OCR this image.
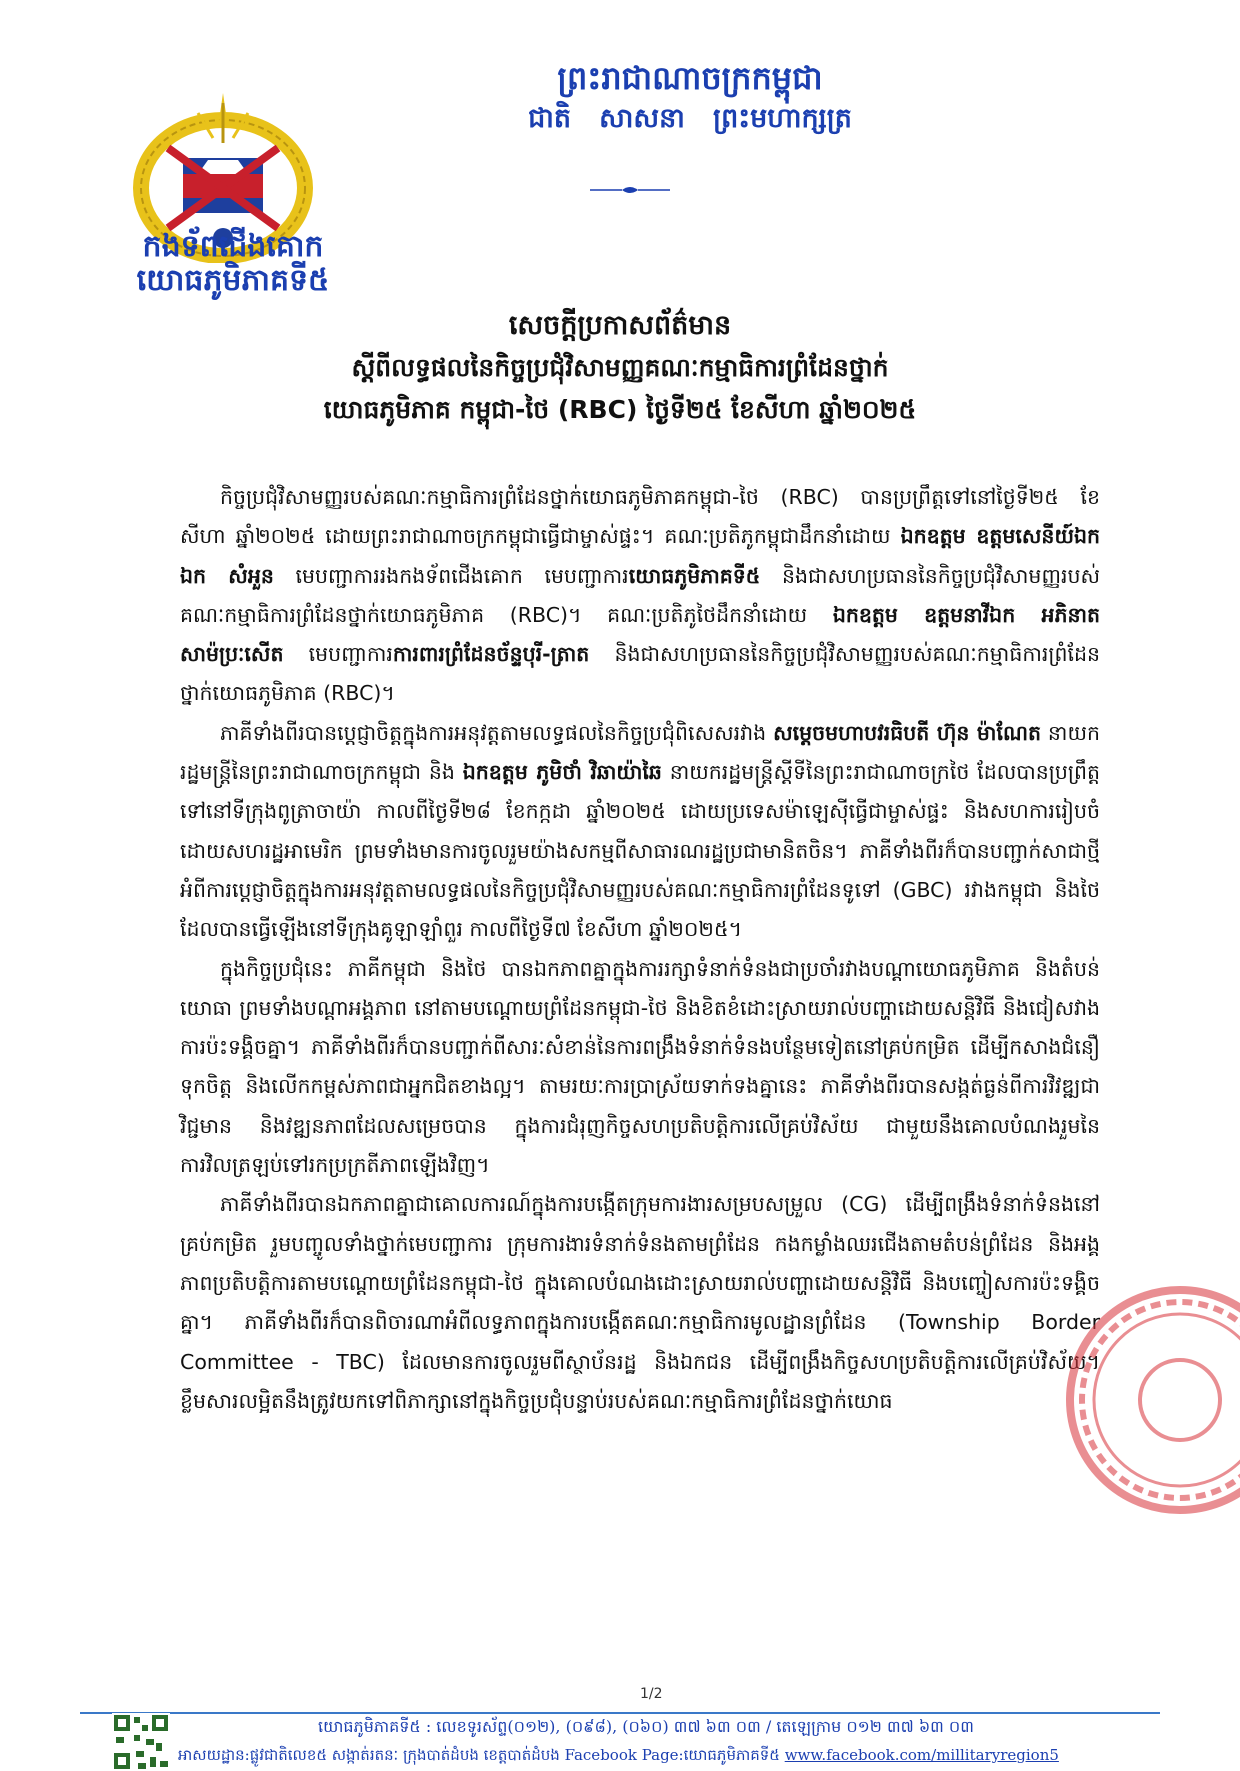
កងទ័ពជើងគោក
យោធភូមិភាគទី៥
ព្រះរាជាណាចក្រកម្ពុជា
ជាតិ   សាសនា   ព្រះមហាក្សត្រ
សេចក្តីប្រកាសព័ត៌មាន
ស្តីពីលទ្ធផលនៃកិច្ចប្រជុំវិសាមញ្ញគណៈកម្មាធិការព្រំដែនថ្នាក់
យោធភូមិភាគ កម្ពុជា-ថៃ (RBC) ថ្ងៃទី២៥ ខែសីហា ឆ្នាំ២០២៥

កិច្ចប្រជុំវិសាមញ្ញរបស់គណៈកម្មាធិការព្រំដែនថ្នាក់យោធភូមិភាគកម្ពុជា-ថៃ (RBC) បានប្រព្រឹត្តទៅនៅថ្ងៃទី២៥ ខែសីហា ឆ្នាំ២០២៥ ដោយព្រះរាជាណាចក្រកម្ពុជាធ្វើជាម្ចាស់ផ្ទះ។ គណៈប្រតិភូកម្ពុជាដឹកនាំដោយ ឯកឧត្តម ឧត្តមសេនីយ៍ឯក ឯក សំអួន មេបញ្ជាការរងកងទ័ពជើងគោក មេបញ្ជាការយោធភូមិភាគទី៥ និងជាសហប្រធាននៃកិច្ចប្រជុំវិសាមញ្ញរបស់គណៈកម្មាធិការព្រំដែនថ្នាក់យោធភូមិភាគ (RBC)។ គណៈប្រតិភូថៃដឹកនាំដោយ ឯកឧត្តម ឧត្តមនាវីឯក អភិនាត សាម៉ប្រៈសើត មេបញ្ជាការការពារព្រំដែនច័ន្ទបុរី-ត្រាត និងជាសហប្រធាននៃកិច្ចប្រជុំវិសាមញ្ញរបស់គណៈកម្មាធិការព្រំដែនថ្នាក់យោធភូមិភាគ (RBC)។

ភាគីទាំងពីរបានប្តេជ្ញាចិត្តក្នុងការអនុវត្តតាមលទ្ធផលនៃកិច្ចប្រជុំពិសេសរវាង សម្តេចមហាបវរធិបតី ហ៊ុន ម៉ាណែត នាយករដ្ឋមន្ត្រីនៃព្រះរាជាណាចក្រកម្ពុជា និង ឯកឧត្តម ភូមិថាំ វិឆាយ៉ាឆៃ នាយករដ្ឋមន្ត្រីស្តីទីនៃព្រះរាជាណាចក្រថៃ ដែលបានប្រព្រឹត្តទៅនៅទីក្រុងពូត្រាចាយ៉ា កាលពីថ្ងៃទី២៨ ខែកក្កដា ឆ្នាំ២០២៥ ដោយប្រទេសម៉ាឡេស៊ីធ្វើជាម្ចាស់ផ្ទះ និងសហការរៀបចំដោយសហរដ្ឋអាមេរិក ព្រមទាំងមានការចូលរួមយ៉ាងសកម្មពីសាធារណរដ្ឋប្រជាមានិតចិន។ ភាគីទាំងពីរក៏បានបញ្ជាក់សាជាថ្មីអំពីការប្តេជ្ញាចិត្តក្នុងការអនុវត្តតាមលទ្ធផលនៃកិច្ចប្រជុំវិសាមញ្ញរបស់គណៈកម្មាធិការព្រំដែនទូទៅ (GBC) រវាងកម្ពុជា និងថៃ ដែលបានធ្វើឡើងនៅទីក្រុងគូឡាឡាំពួរ កាលពីថ្ងៃទី៧ ខែសីហា ឆ្នាំ២០២៥។

ក្នុងកិច្ចប្រជុំនេះ ភាគីកម្ពុជា និងថៃ បានឯកភាពគ្នាក្នុងការរក្សាទំនាក់ទំនងជាប្រចាំរវាងបណ្តាយោធភូមិភាគ និងតំបន់យោធា ព្រមទាំងបណ្តាអង្គភាព នៅតាមបណ្តោយព្រំដែនកម្ពុជា-ថៃ និងខិតខំដោះស្រាយរាល់បញ្ហាដោយសន្តិវិធី និងជៀសវាងការប៉ះទង្គិចគ្នា។ ភាគីទាំងពីរក៏បានបញ្ជាក់ពីសារៈសំខាន់នៃការពង្រឹងទំនាក់ទំនងបន្ថែមទៀតនៅគ្រប់កម្រិត ដើម្បីកសាងជំនឿទុកចិត្ត និងលើកកម្ពស់ភាពជាអ្នកជិតខាងល្អ។ តាមរយៈការប្រាស្រ័យទាក់ទងគ្នានេះ ភាគីទាំងពីរបានសង្កត់ធ្ងន់ពីការវិវឌ្ឍជាវិជ្ជមាន និងវឌ្ឍនភាពដែលសម្រេចបាន ក្នុងការជំរុញកិច្ចសហប្រតិបត្តិការលើគ្រប់វិស័យ ជាមួយនឹងគោលបំណងរួមនៃការវិលត្រឡប់ទៅរកប្រក្រតីភាពឡើងវិញ។

ភាគីទាំងពីរបានឯកភាពគ្នាជាគោលការណ៍ក្នុងការបង្កើតក្រុមការងារសម្របសម្រួល (CG) ដើម្បីពង្រឹងទំនាក់ទំនងនៅគ្រប់កម្រិត រួមបញ្ចូលទាំងថ្នាក់មេបញ្ជាការ ក្រុមការងារទំនាក់ទំនងតាមព្រំដែន កងកម្លាំងឈរជើងតាមតំបន់ព្រំដែន និងអង្គភាពប្រតិបត្តិការតាមបណ្តោយព្រំដែនកម្ពុជា-ថៃ ក្នុងគោលបំណងដោះស្រាយរាល់បញ្ហាដោយសន្តិវិធី និងបញ្ចៀសការប៉ះទង្គិចគ្នា។ ភាគីទាំងពីរក៏បានពិចារណាអំពីលទ្ធភាពក្នុងការបង្កើតគណៈកម្មាធិការមូលដ្ឋានព្រំដែន (Township Border Committee - TBC) ដែលមានការចូលរួមពីស្ថាប័នរដ្ឋ និងឯកជន ដើម្បីពង្រឹងកិច្ចសហប្រតិបត្តិការលើគ្រប់វិស័យ។ ខ្លឹមសារលម្អិតនឹងត្រូវយកទៅពិភាក្សានៅក្នុងកិច្ចប្រជុំបន្ទាប់របស់គណៈកម្មាធិការព្រំដែនថ្នាក់យោធ

1/2
យោធភូមិភាគទី៥ : លេខទូរស័ព្ទ(០១២), (០៩៨), (០៦០) ៣៧ ៦៣ ០៣ / តេឡេក្រាម ០១២ ៣៧ ៦៣ ០៣
អាសយដ្ឋាន:ផ្លូវជាតិលេខ៥ សង្កាត់រតនៈ ក្រុងបាត់ដំបង ខេត្តបាត់ដំបង Facebook Page:យោធភូមិភាគទី៥ www.facebook.com/millitaryregion5
